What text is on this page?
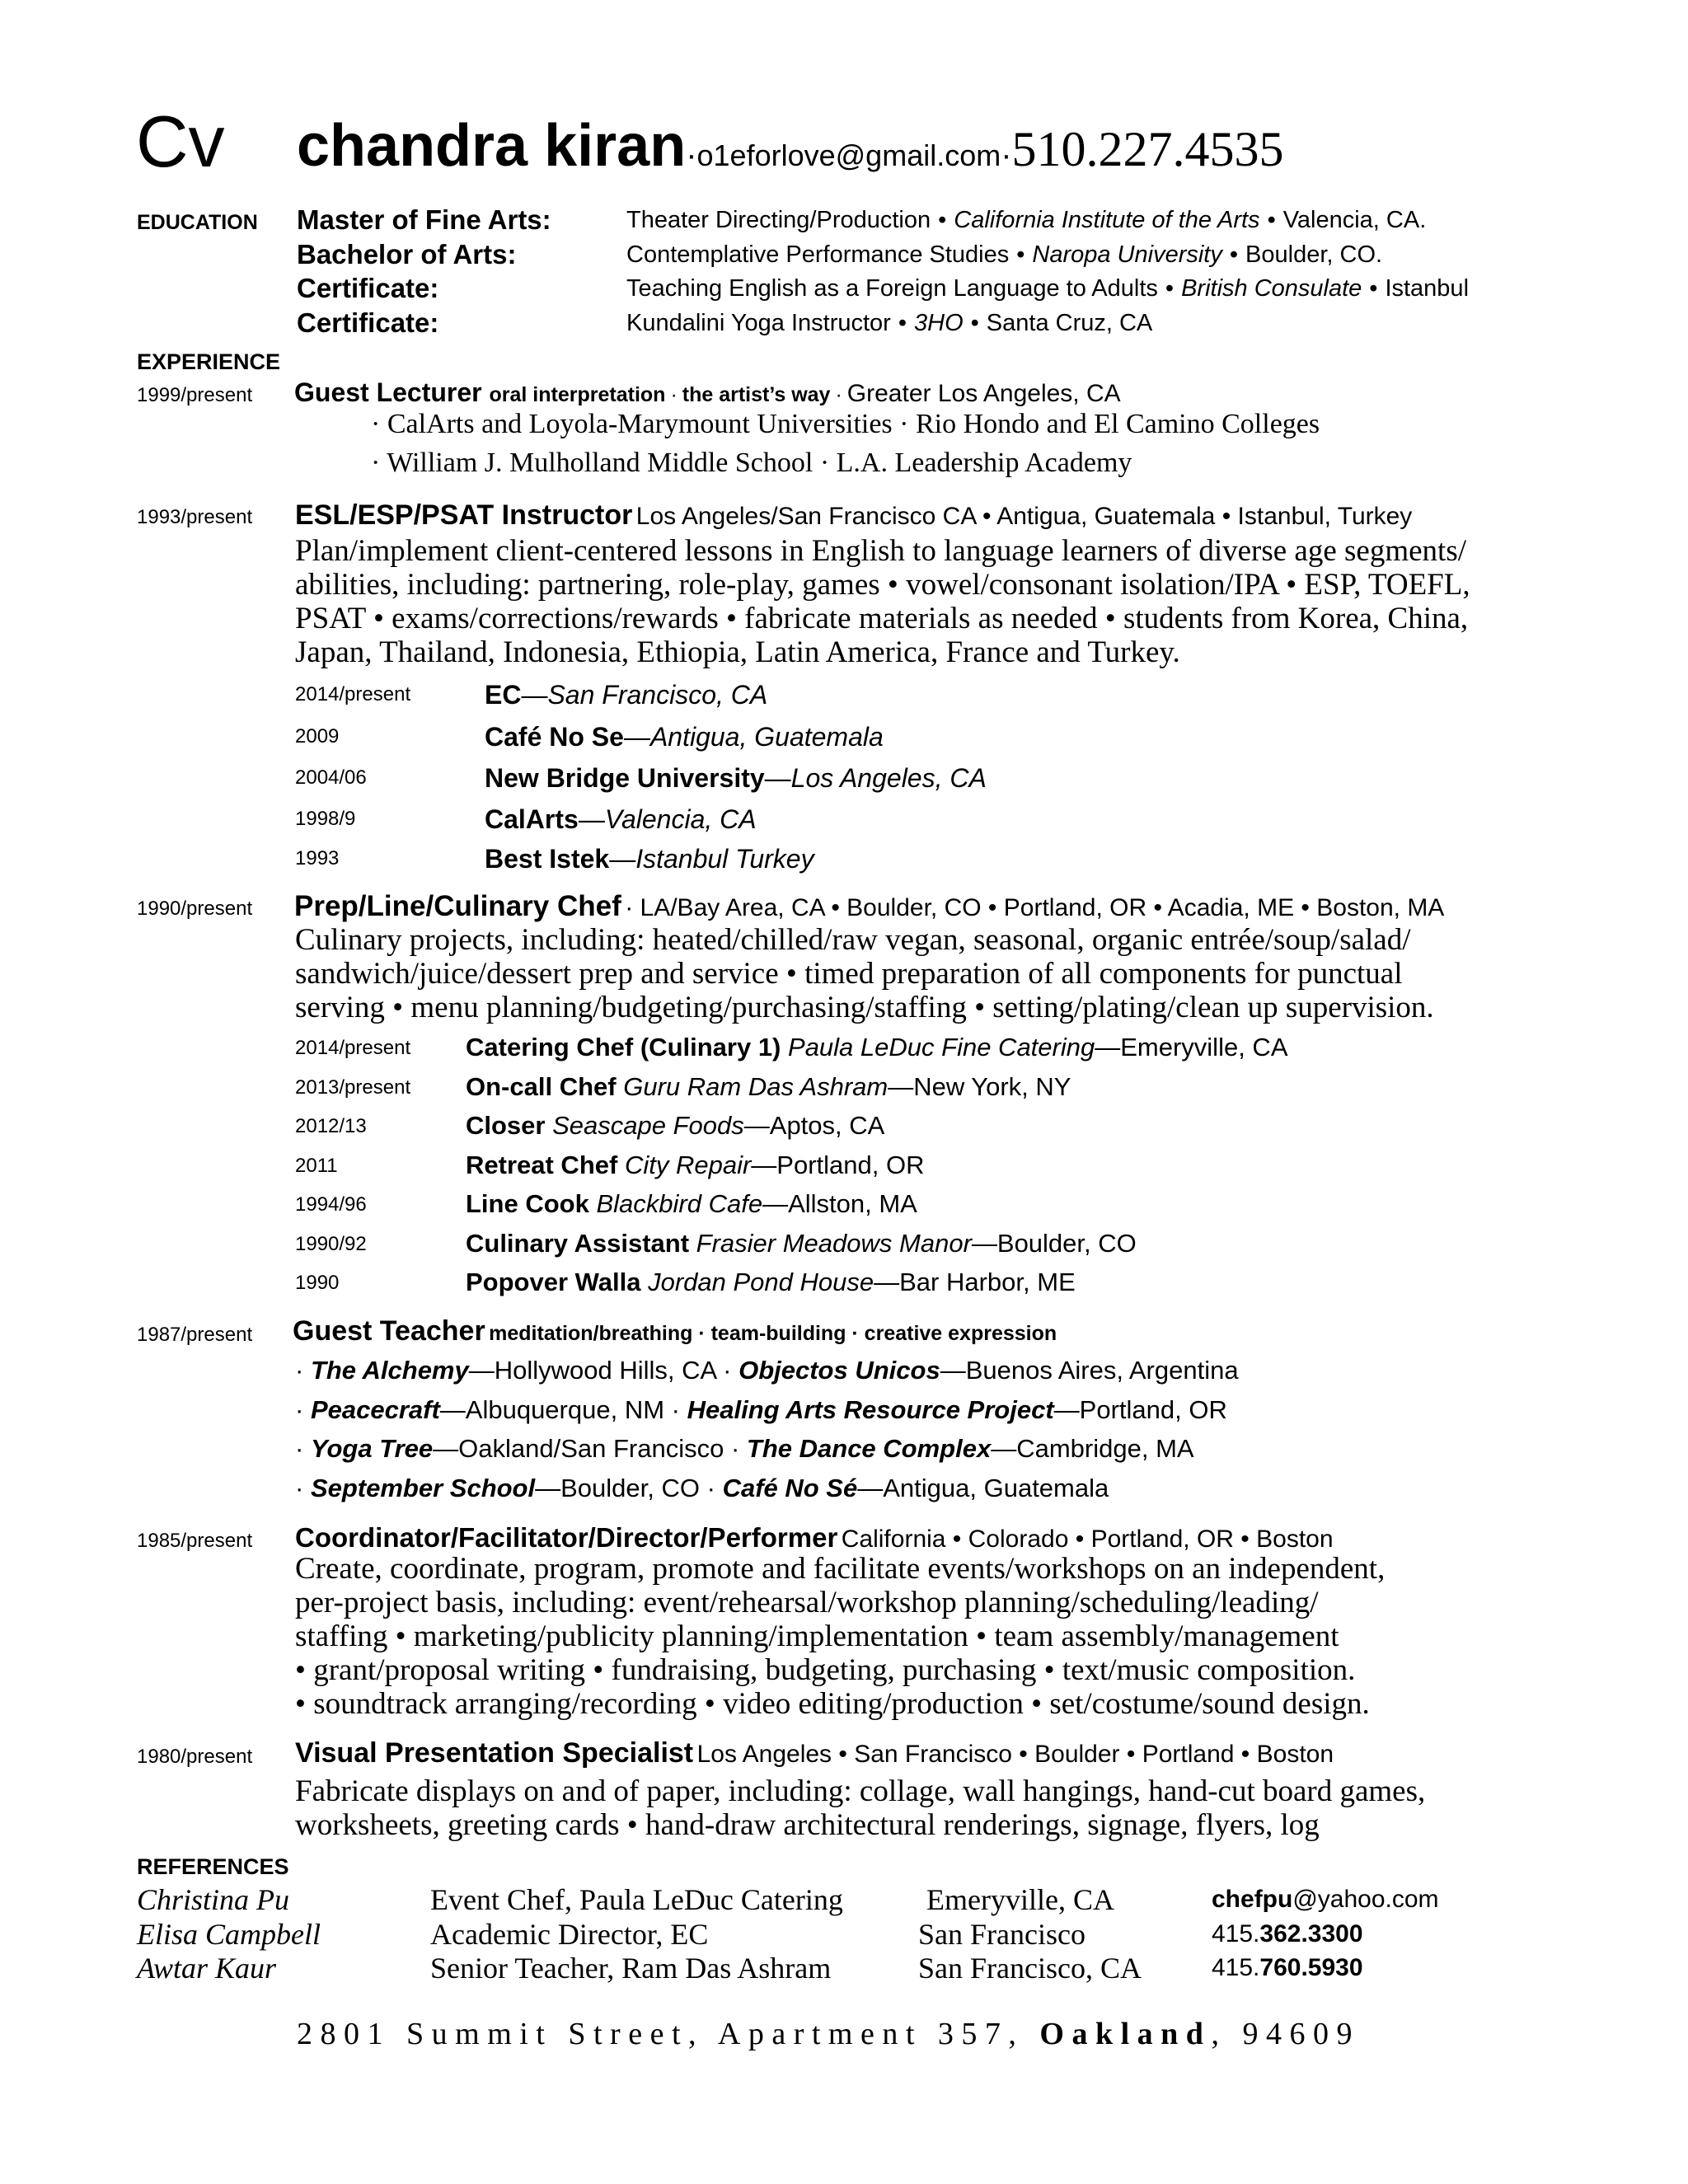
Cv chandra kiran·o1eforlove@gmail.com·510.227.4535
EDUCATION Master of Fine Arts:	Theater Directing/Production • California Institute of the Arts • Valencia, CA.
Bachelor of Arts:	Contemplative Performance Studies • Naropa University • Boulder, CO.
Certificate:	Teaching English as a Foreign Language to Adults • British Consulate • Istanbul
Certificate:	Kundalini Yoga Instructor • 3HO • Santa Cruz, CA
EXPERIENCE
1999/present Guest Lecturer oral interpretation · the artist’s way · Greater Los Angeles, CA
· CalArts and Loyola-Marymount Universities · Rio Hondo and El Camino Colleges
· William J. Mulholland Middle School · L.A. Leadership Academy
1993/present ESL/ESP/PSAT Instructor Los Angeles/San Francisco CA • Antigua, Guatemala • Istanbul, Turkey
Plan/implement client-centered lessons in English to language learners of diverse age segments/
abilities, including: partnering, role-play, games • vowel/consonant isolation/IPA • ESP, TOEFL,
PSAT • exams/corrections/rewards • fabricate materials as needed • students from Korea, China,
Japan, Thailand, Indonesia, Ethiopia, Latin America, France and Turkey.
2014/present	EC—San Francisco, CA
2009	Café No Se—Antigua, Guatemala
2004/06	New Bridge University—Los Angeles, CA
1998/9	CalArts—Valencia, CA
1993	Best Istek—Istanbul Turkey
1990/present Prep/Line/Culinary Chef · LA/Bay Area, CA • Boulder, CO • Portland, OR • Acadia, ME • Boston, MA
Culinary projects, including: heated/chilled/raw vegan, seasonal, organic entrée/soup/salad/
sandwich/juice/dessert prep and service • timed preparation of all components for punctual
serving • menu planning/budgeting/purchasing/staffing • setting/plating/clean up supervision.
2014/present Catering Chef (Culinary 1) Paula LeDuc Fine Catering—Emeryville, CA
2013/present On-call Chef Guru Ram Das Ashram—New York, NY
2012/13	Closer Seascape Foods—Aptos, CA
2011	Retreat Chef City Repair—Portland, OR
1994/96	Line Cook Blackbird Cafe—Allston, MA
1990/92	Culinary Assistant Frasier Meadows Manor—Boulder, CO
1990	Popover Walla Jordan Pond House—Bar Harbor, ME
1987/present Guest Teacher meditation/breathing · team-building · creative expression
· The Alchemy—Hollywood Hills, CA · Objectos Unicos—Buenos Aires, Argentina
· Peacecraft—Albuquerque, NM · Healing Arts Resource Project—Portland, OR
· Yoga Tree—Oakland/San Francisco · The Dance Complex—Cambridge, MA
· September School—Boulder, CO · Café No Sé—Antigua, Guatemala
1985/present Coordinator/Facilitator/Director/Performer California • Colorado • Portland, OR • Boston
Create, coordinate, program, promote and facilitate events/workshops on an independent,
per-project basis, including: event/rehearsal/workshop planning/scheduling/leading/
staffing • marketing/publicity planning/implementation • team assembly/management
• grant/proposal writing • fundraising, budgeting, purchasing • text/music composition.
• soundtrack arranging/recording • video editing/production • set/costume/sound design.
1980/present Visual Presentation Specialist Los Angeles • San Francisco • Boulder • Portland • Boston
Fabricate displays on and of paper, including: collage, wall hangings, hand-cut board games,
worksheets, greeting cards • hand-draw architectural renderings, signage, flyers, log
REFERENCES
Christina Pu	Event Chef, Paula LeDuc Catering	Emeryville, CA	chefpu@yahoo.com
Elisa Campbell	Academic Director, EC	San Francisco	415.362.3300
Awtar Kaur	Senior Teacher, Ram Das Ashram	San Francisco, CA	415.760.5930
2801 Summit Street, Apartment 357, Oakland, 94609
